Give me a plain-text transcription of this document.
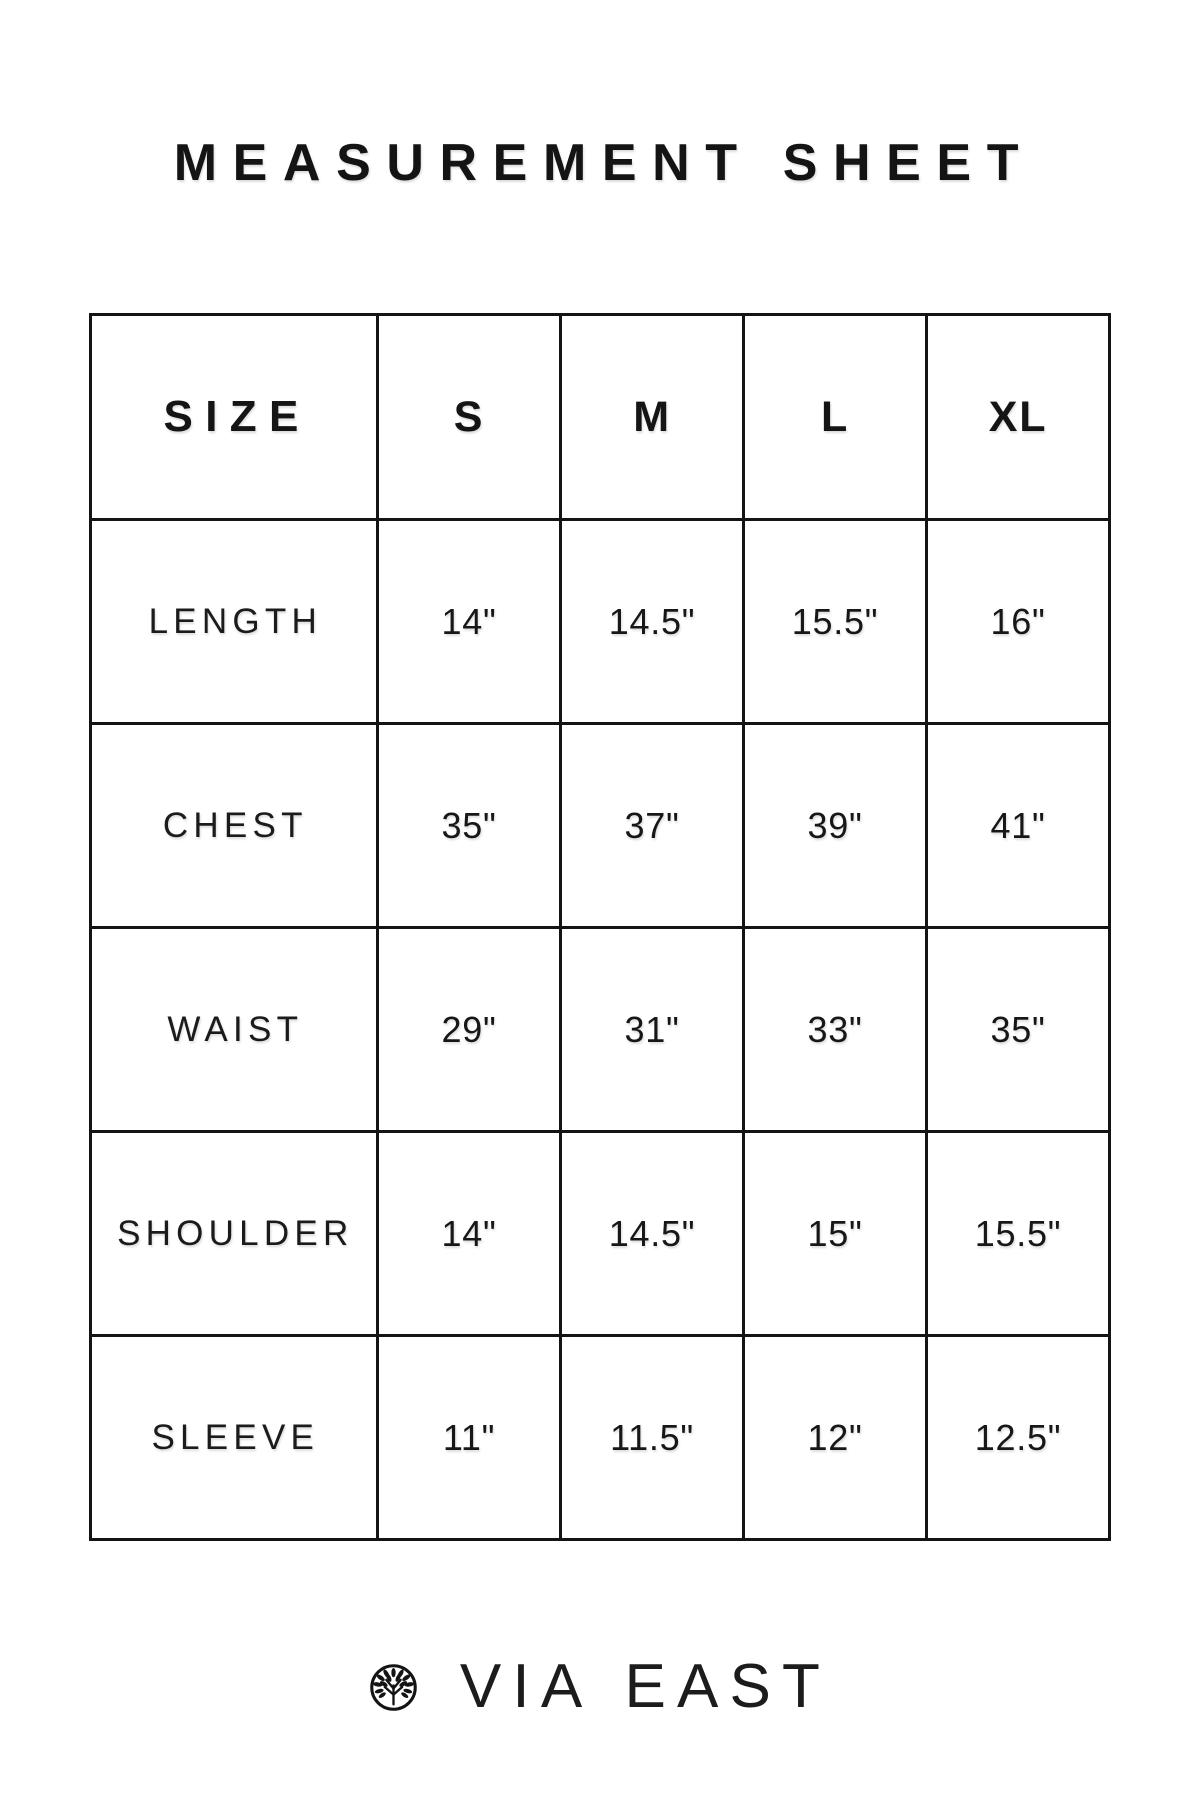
MEASUREMENT SHEET
SIZE	S	M	L	XL
LENGTH	14"	14.5"	15.5"	16"
CHEST	35"	37"	39"	41"
WAIST	29"	31"	33"	35"
SHOULDER	14"	14.5"	15"	15.5"
SLEEVE	11"	11.5"	12"	12.5"
VIA EAST
